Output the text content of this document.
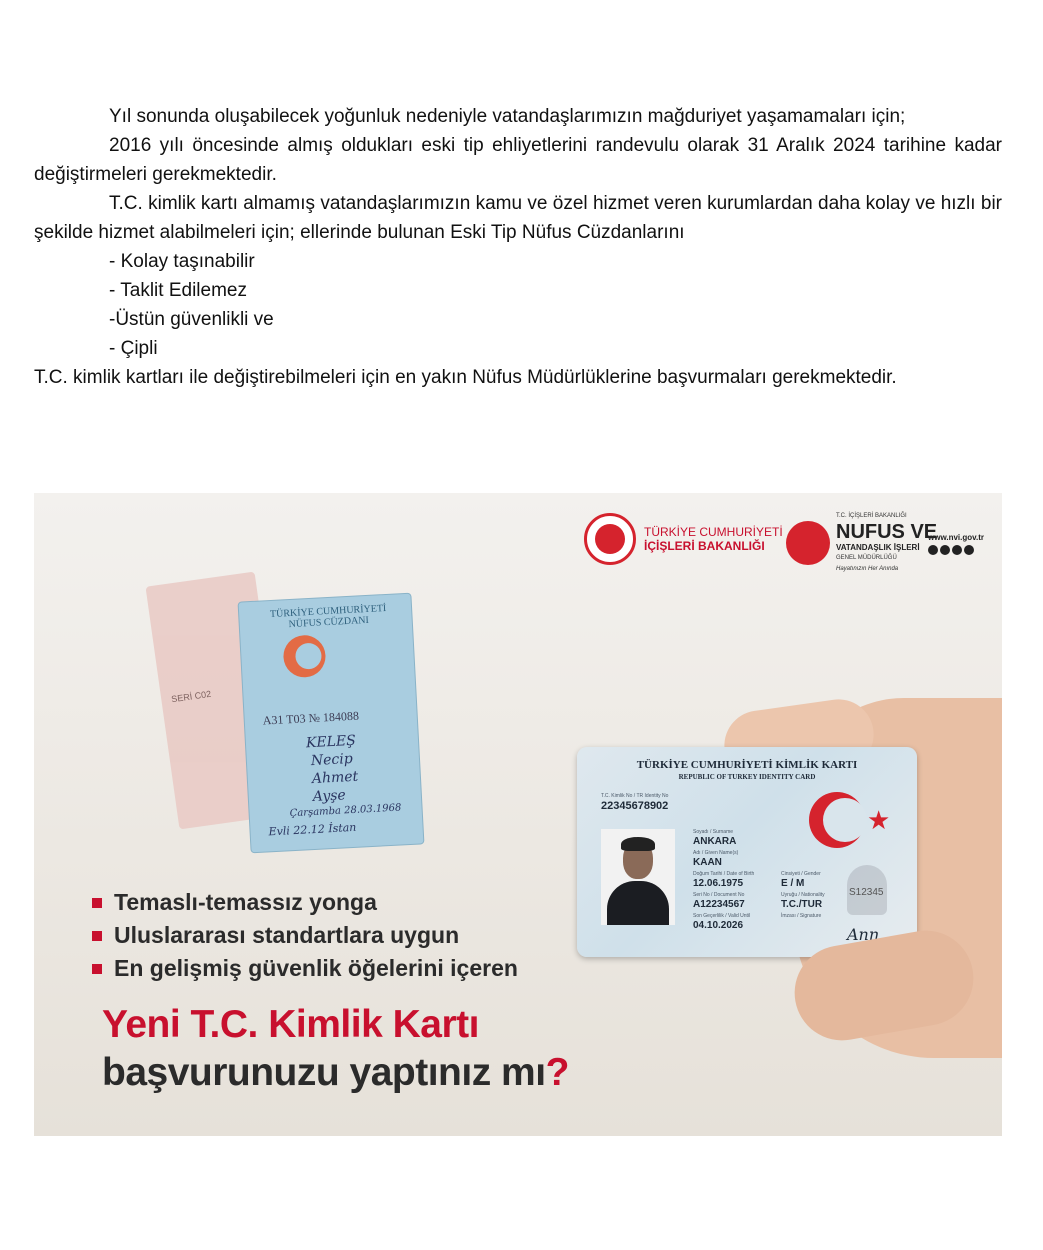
Yıl sonunda oluşabilecek yoğunluk nedeniyle vatandaşlarımızın mağduriyet yaşamamaları için;

2016 yılı öncesinde almış oldukları eski tip ehliyetlerini randevulu olarak 31 Aralık 2024 tarihine kadar değiştirmeleri gerekmektedir.

T.C. kimlik kartı almamış vatandaşlarımızın kamu ve özel hizmet veren kurumlardan daha kolay ve hızlı bir şekilde hizmet alabilmeleri için; ellerinde bulunan Eski Tip Nüfus Cüzdanlarını

- Kolay taşınabilir

- Taklit Edilemez

-Üstün güvenlikli ve

- Çipli

T.C. kimlik kartları ile değiştirebilmeleri için en yakın Nüfus Müdürlüklerine başvurmaları gerekmektedir.

TÜRKİYE CUMHURİYETİ
İÇİŞLERİ BAKANLIĞI
T.C. İÇİŞLERİ BAKANLIĞI
NUFUS VE
VATANDAŞLIK İŞLERİ
GENEL MÜDÜRLÜĞÜ
Hayatınızın Her Anında
www.nvi.gov.tr
SERİ C02
TÜRKİYE CUMHURİYETİ NÜFUS CÜZDANI
A31 T03 № 184088
KELEŞ
Necip
Ahmet
Ayşe
Çarşamba 28.03.1968
Evli 22.12 İstan
TÜRKİYE CUMHURİYETİ KİMLİK KARTI
REPUBLIC OF TURKEY IDENTITY CARD
T.C. Kimlik No / TR Identity No
22345678902
Soyadı / Surname
ANKARA
Adı / Given Name(s)
KAAN
Doğum Tarihi / Date of Birth
12.06.1975
Cinsiyeti / Gender
E / M
Seri No / Document No
A12234567
Uyruğu / Nationality
T.C./TUR
Son Geçerlilik / Valid Until
04.10.2026
İmzası / Signature
★
S12345
Ann
Temaslı-temassız yonga
Uluslararası standartlara uygun
En gelişmiş güvenlik öğelerini içeren
Yeni T.C. Kimlik Kartı
başvurunuzu yaptınız mı?
